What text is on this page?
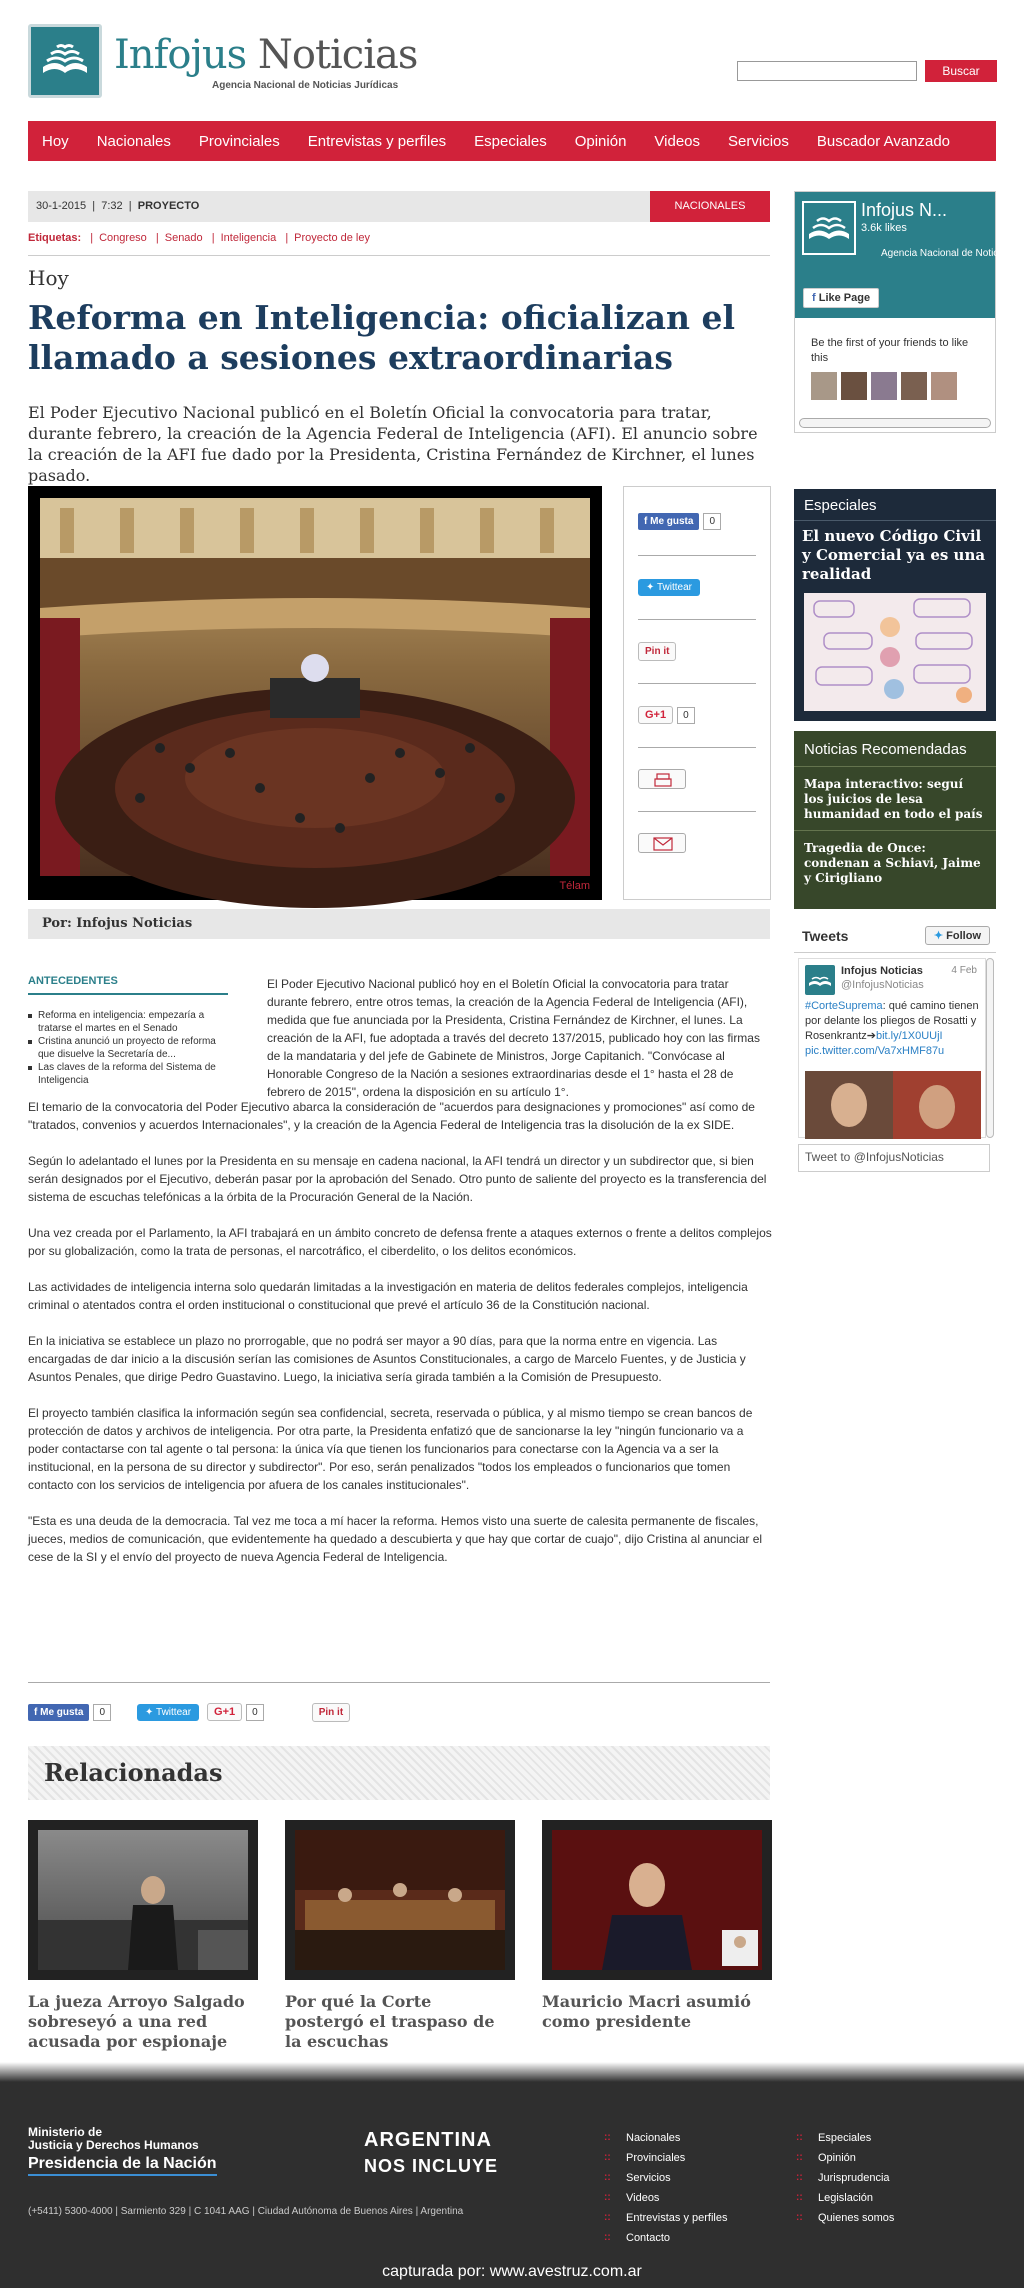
Infojus Noticias
Agencia Nacional de Noticias Jurídicas
Buscar
Hoy Nacionales Provinciales Entrevistas y perfiles Especiales Opinión Videos Servicios Buscador Avanzado
30-1-2015  |  7:32  |  PROYECTO	NACIONALES
Etiquetas: | Congreso | Senado | Inteligencia | Proyecto de ley
Hoy
Reforma en Inteligencia: oficializan el llamado a sesiones extraordinarias

El Poder Ejecutivo Nacional publicó en el Boletín Oficial la convocatoria para tratar, durante febrero, la creación de la Agencia Federal de Inteligencia (AFI). El anuncio sobre la creación de la AFI fue dado por la Presidenta, Cristina Fernández de Kirchner, el lunes pasado.

Télam
f Me gusta 0
✦ Twittear
Pin it
G+1 0
Por: Infojus Noticias
ANTECEDENTES
Reforma en inteligencia: empezaría a tratarse el martes en el Senado
Cristina anunció un proyecto de reforma que disuelve la Secretaría de...
Las claves de la reforma del Sistema de Inteligencia

El Poder Ejecutivo Nacional publicó hoy en el Boletín Oficial la convocatoria para tratar durante febrero, entre otros temas, la creación de la Agencia Federal de Inteligencia (AFI), medida que fue anunciada por la Presidenta, Cristina Fernández de Kirchner, el lunes. La creación de la AFI, fue adoptada a través del decreto 137/2015, publicado hoy con las firmas de la mandataria y del jefe de Gabinete de Ministros, Jorge Capitanich. "Convócase al Honorable Congreso de la Nación a sesiones extraordinarias desde el 1° hasta el 28 de febrero de 2015", ordena la disposición en su artículo 1°.

El temario de la convocatoria del Poder Ejecutivo abarca la consideración de "acuerdos para designaciones y promociones" así como de "tratados, convenios y acuerdos Internacionales", y la creación de la Agencia Federal de Inteligencia tras la disolución de la ex SIDE.

Según lo adelantado el lunes por la Presidenta en su mensaje en cadena nacional, la AFI tendrá un director y un subdirector que, si bien serán designados por el Ejecutivo, deberán pasar por la aprobación del Senado. Otro punto de saliente del proyecto es la transferencia del sistema de escuchas telefónicas a la órbita de la Procuración General de la Nación.

Una vez creada por el Parlamento, la AFI trabajará en un ámbito concreto de defensa frente a ataques externos o frente a delitos complejos por su globalización, como la trata de personas, el narcotráfico, el ciberdelito, o los delitos económicos.

Las actividades de inteligencia interna solo quedarán limitadas a la investigación en materia de delitos federales complejos, inteligencia criminal o atentados contra el orden institucional o constitucional que prevé el artículo 36 de la Constitución nacional.

En la iniciativa se establece un plazo no prorrogable, que no podrá ser mayor a 90 días, para que la norma entre en vigencia. Las encargadas de dar inicio a la discusión serían las comisiones de Asuntos Constitucionales, a cargo de Marcelo Fuentes, y de Justicia y Asuntos Penales, que dirige Pedro Guastavino. Luego, la iniciativa sería girada también a la Comisión de Presupuesto.

El proyecto también clasifica la información según sea confidencial, secreta, reservada o pública, y al mismo tiempo se crean bancos de protección de datos y archivos de inteligencia. Por otra parte, la Presidenta enfatizó que de sancionarse la ley "ningún funcionario va a poder contactarse con tal agente o tal persona: la única vía que tienen los funcionarios para conectarse con la Agencia va a ser la institucional, en la persona de su director y subdirector". Por eso, serán penalizados "todos los empleados o funcionarios que tomen contacto con los servicios de inteligencia por afuera de los canales institucionales".

"Esta es una deuda de la democracia. Tal vez me toca a mí hacer la reforma. Hemos visto una suerte de calesita permanente de fiscales, jueces, medios de comunicación, que evidentemente ha quedado a descubierta y que hay que cortar de cuajo", dijo Cristina al anunciar el cese de la SI y el envío del proyecto de nueva Agencia Federal de Inteligencia.

f Me gusta	0	✦ Twittear	G+1	0	Pin it
Relacionadas
La jueza Arroyo Salgado sobreseyó a una red acusada por espionaje
Por qué la Corte postergó el traspaso de la escuchas
Mauricio Macri asumió como presidente
Infojus N...
3.6k likes
Agencia Nacional de Noticias
f Like Page
Be the first of your friends to like this
Especiales
El nuevo Código Civil y Comercial ya es una realidad
Noticias Recomendadas
Mapa interactivo: seguí los juicios de lesa humanidad en todo el país
Tragedia de Once: condenan a Schiavi, Jaime y Cirigliano
Tweets	✦ Follow
Infojus Noticias
@InfojusNoticias
4 Feb
#CorteSuprema: qué camino tienen por delante los pliegos de Rosatti y Rosenkrantz➔bit.ly/1X0UUjI pic.twitter.com/Va7xHMF87u
Tweet to @InfojusNoticias
Ministerio de
Justicia y Derechos Humanos
Presidencia de la Nación
ARGENTINA
NOS INCLUYE
(+5411) 5300-4000 | Sarmiento 329 | C 1041 AAG | Ciudad Autónoma de Buenos Aires | Argentina
:: Nacionales
:: Provinciales
:: Servicios
:: Videos
:: Entrevistas y perfiles
:: Contacto
:: Especiales
:: Opinión
:: Jurisprudencia
:: Legislación
:: Quienes somos
capturada por: www.avestruz.com.ar
